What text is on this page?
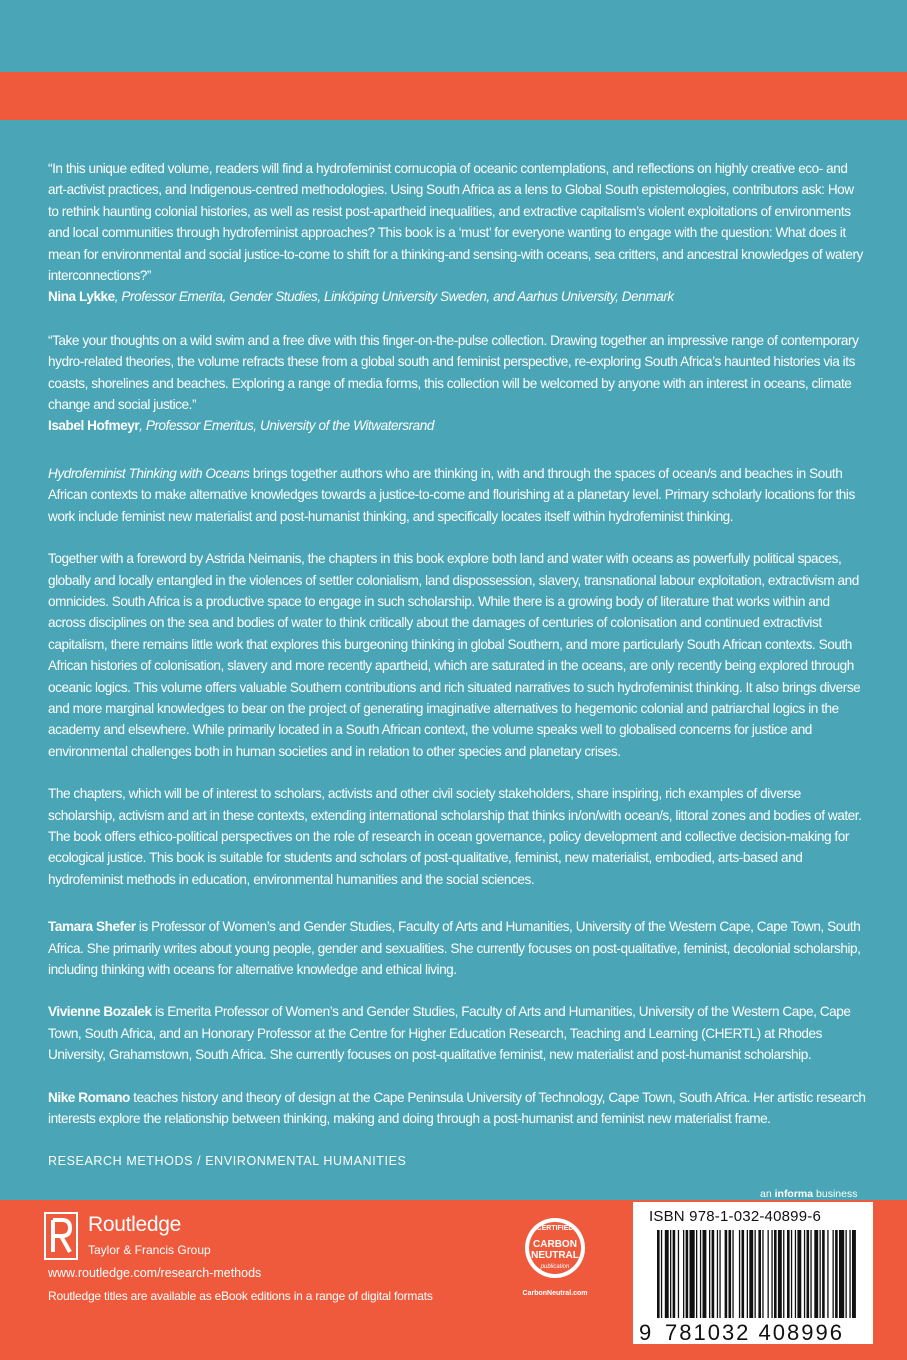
“In this unique edited volume, readers will find a hydrofeminist cornucopia of oceanic contemplations, and reflections on highly creative eco- and art-activist practices, and Indigenous-centred methodologies. Using South Africa as a lens to Global South epistemologies, contributors ask: How to rethink haunting colonial histories, as well as resist post-apartheid inequalities, and extractive capitalism’s violent exploitations of environments and local communities through hydrofeminist approaches? This book is a ‘must’ for everyone wanting to engage with the question: What does it mean for environmental and social justice-to-come to shift for a thinking-and sensing-with oceans, sea critters, and ancestral knowledges of watery interconnections?”
Nina Lykke, Professor Emerita, Gender Studies, Linköping University Sweden, and Aarhus University, Denmark

“Take your thoughts on a wild swim and a free dive with this finger-on-the-pulse collection. Drawing together an impressive range of contemporary hydro-related theories, the volume refracts these from a global south and feminist perspective, re-exploring South Africa’s haunted histories via its coasts, shorelines and beaches. Exploring a range of media forms, this collection will be welcomed by anyone with an interest in oceans, climate change and social justice.”
Isabel Hofmeyr, Professor Emeritus, University of the Witwatersrand

Hydrofeminist Thinking with Oceans brings together authors who are thinking in, with and through the spaces of ocean/s and beaches in South African contexts to make alternative knowledges towards a justice-to-come and flourishing at a planetary level. Primary scholarly locations for this work include feminist new materialist and post-humanist thinking, and specifically locates itself within hydrofeminist thinking.

Together with a foreword by Astrida Neimanis, the chapters in this book explore both land and water with oceans as powerfully political spaces, globally and locally entangled in the violences of settler colonialism, land dispossession, slavery, transnational labour exploitation, extractivism and omnicides. South Africa is a productive space to engage in such scholarship. While there is a growing body of literature that works within and across disciplines on the sea and bodies of water to think critically about the damages of centuries of colonisation and continued extractivist capitalism, there remains little work that explores this burgeoning thinking in global Southern, and more particularly South African contexts. South African histories of colonisation, slavery and more recently apartheid, which are saturated in the oceans, are only recently being explored through oceanic logics. This volume offers valuable Southern contributions and rich situated narratives to such hydrofeminist thinking. It also brings diverse and more marginal knowledges to bear on the project of generating imaginative alternatives to hegemonic colonial and patriarchal logics in the academy and elsewhere. While primarily located in a South African context, the volume speaks well to globalised concerns for justice and environmental challenges both in human societies and in relation to other species and planetary crises.

The chapters, which will be of interest to scholars, activists and other civil society stakeholders, share inspiring, rich examples of diverse scholarship, activism and art in these contexts, extending international scholarship that thinks in/on/with ocean/s, littoral zones and bodies of water. The book offers ethico-political perspectives on the role of research in ocean governance, policy development and collective decision-making for ecological justice. This book is suitable for students and scholars of post-qualitative, feminist, new materialist, embodied, arts-based and hydrofeminist methods in education, environmental humanities and the social sciences.

Tamara Shefer is Professor of Women’s and Gender Studies, Faculty of Arts and Humanities, University of the Western Cape, Cape Town, South Africa. She primarily writes about young people, gender and sexualities. She currently focuses on post-qualitative, feminist, decolonial scholarship, including thinking with oceans for alternative knowledge and ethical living.

Vivienne Bozalek is Emerita Professor of Women’s and Gender Studies, Faculty of Arts and Humanities, University of the Western Cape, Cape Town, South Africa, and an Honorary Professor at the Centre for Higher Education Research, Teaching and Learning (CHERTL) at Rhodes University, Grahamstown, South Africa. She currently focuses on post-qualitative feminist, new materialist and post-humanist scholarship.

Nike Romano teaches history and theory of design at the Cape Peninsula University of Technology, Cape Town, South Africa. Her artistic research interests explore the relationship between thinking, making and doing through a post-humanist and feminist new materialist frame.

RESEARCH METHODS / ENVIRONMENTAL HUMANITIES
an informa business
Routledge
Taylor & Francis Group
www.routledge.com/research-methods
Routledge titles are available as eBook editions in a range of digital formats
CERTIFIED
CARBON
NEUTRAL
publication
CarbonNeutral.com
ISBN 978-1-032-40899-6
9 781032 408996
